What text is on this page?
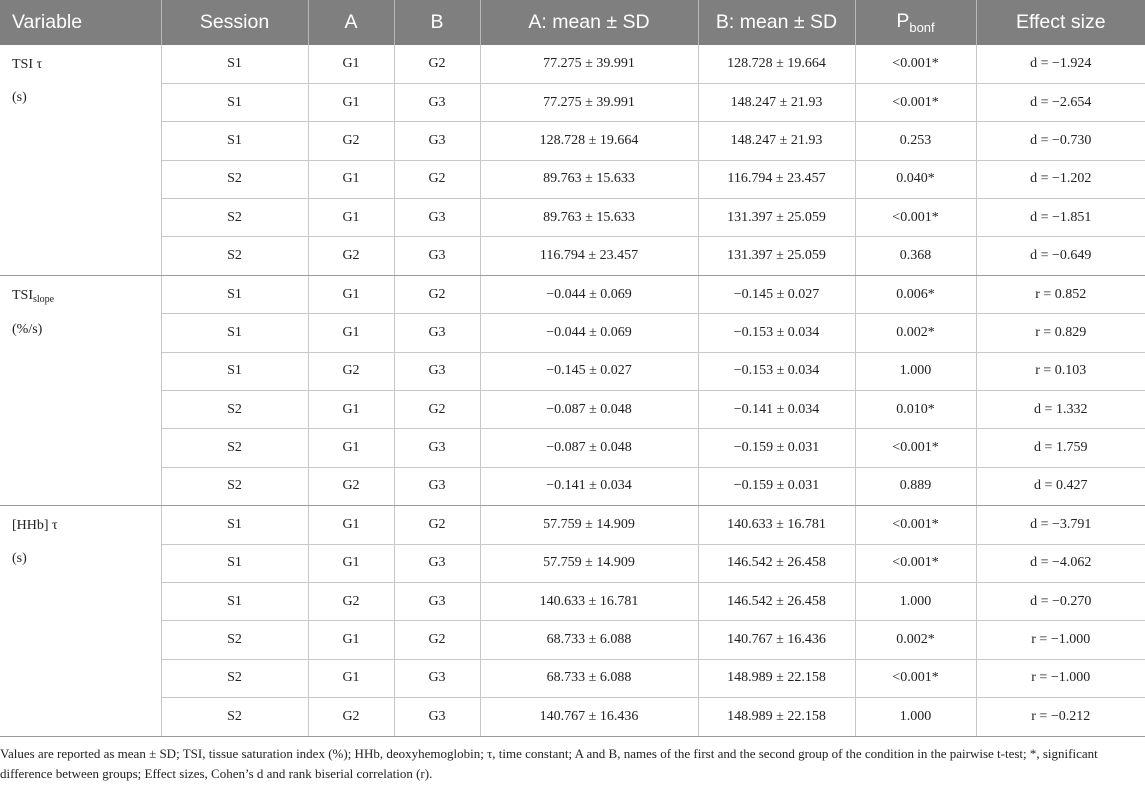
Variable	Session	A	B	A: mean ± SD	B: mean ± SD	$P_{bonf}$	Effect size

TSI τ
(s)	S1	G1	G2	77.275 ± 39.991	128.728 ± 19.664	<0.001*	d = −1.924
	S1	G1	G3	77.275 ± 39.991	148.247 ± 21.93	<0.001*	d = −2.654
	S1	G2	G3	128.728 ± 19.664	148.247 ± 21.93	0.253	d = −0.730
	S2	G1	G2	89.763 ± 15.633	116.794 ± 23.457	0.040*	d = −1.202
	S2	G1	G3	89.763 ± 15.633	131.397 ± 25.059	<0.001*	d = −1.851
	S2	G2	G3	116.794 ± 23.457	131.397 ± 25.059	0.368	d = −0.649

$TSI_{slope}$
(%/s)	S1	G1	G2	−0.044 ± 0.069	−0.145 ± 0.027	0.006*	r = 0.852
	S1	G1	G3	−0.044 ± 0.069	−0.153 ± 0.034	0.002*	r = 0.829
	S1	G2	G3	−0.145 ± 0.027	−0.153 ± 0.034	1.000	r = 0.103
	S2	G1	G2	−0.087 ± 0.048	−0.141 ± 0.034	0.010*	d = 1.332
	S2	G1	G3	−0.087 ± 0.048	−0.159 ± 0.031	<0.001*	d = 1.759
	S2	G2	G3	−0.141 ± 0.034	−0.159 ± 0.031	0.889	d = 0.427

[HHb] τ
(s)	S1	G1	G2	57.759 ± 14.909	140.633 ± 16.781	<0.001*	d = −3.791
	S1	G1	G3	57.759 ± 14.909	146.542 ± 26.458	<0.001*	d = −4.062
	S1	G2	G3	140.633 ± 16.781	146.542 ± 26.458	1.000	d = −0.270
	S2	G1	G2	68.733 ± 6.088	140.767 ± 16.436	0.002*	r = −1.000
	S2	G1	G3	68.733 ± 6.088	148.989 ± 22.158	<0.001*	r = −1.000
	S2	G2	G3	140.767 ± 16.436	148.989 ± 22.158	1.000	r = −0.212
Values are reported as mean ± SD; TSI, tissue saturation index (%); HHb, deoxyhemoglobin; τ, time constant; A and B, names of the first and the second group of the condition in the pairwise t-test; *, significant difference between groups; Effect sizes, Cohen’s d and rank biserial correlation (r).
